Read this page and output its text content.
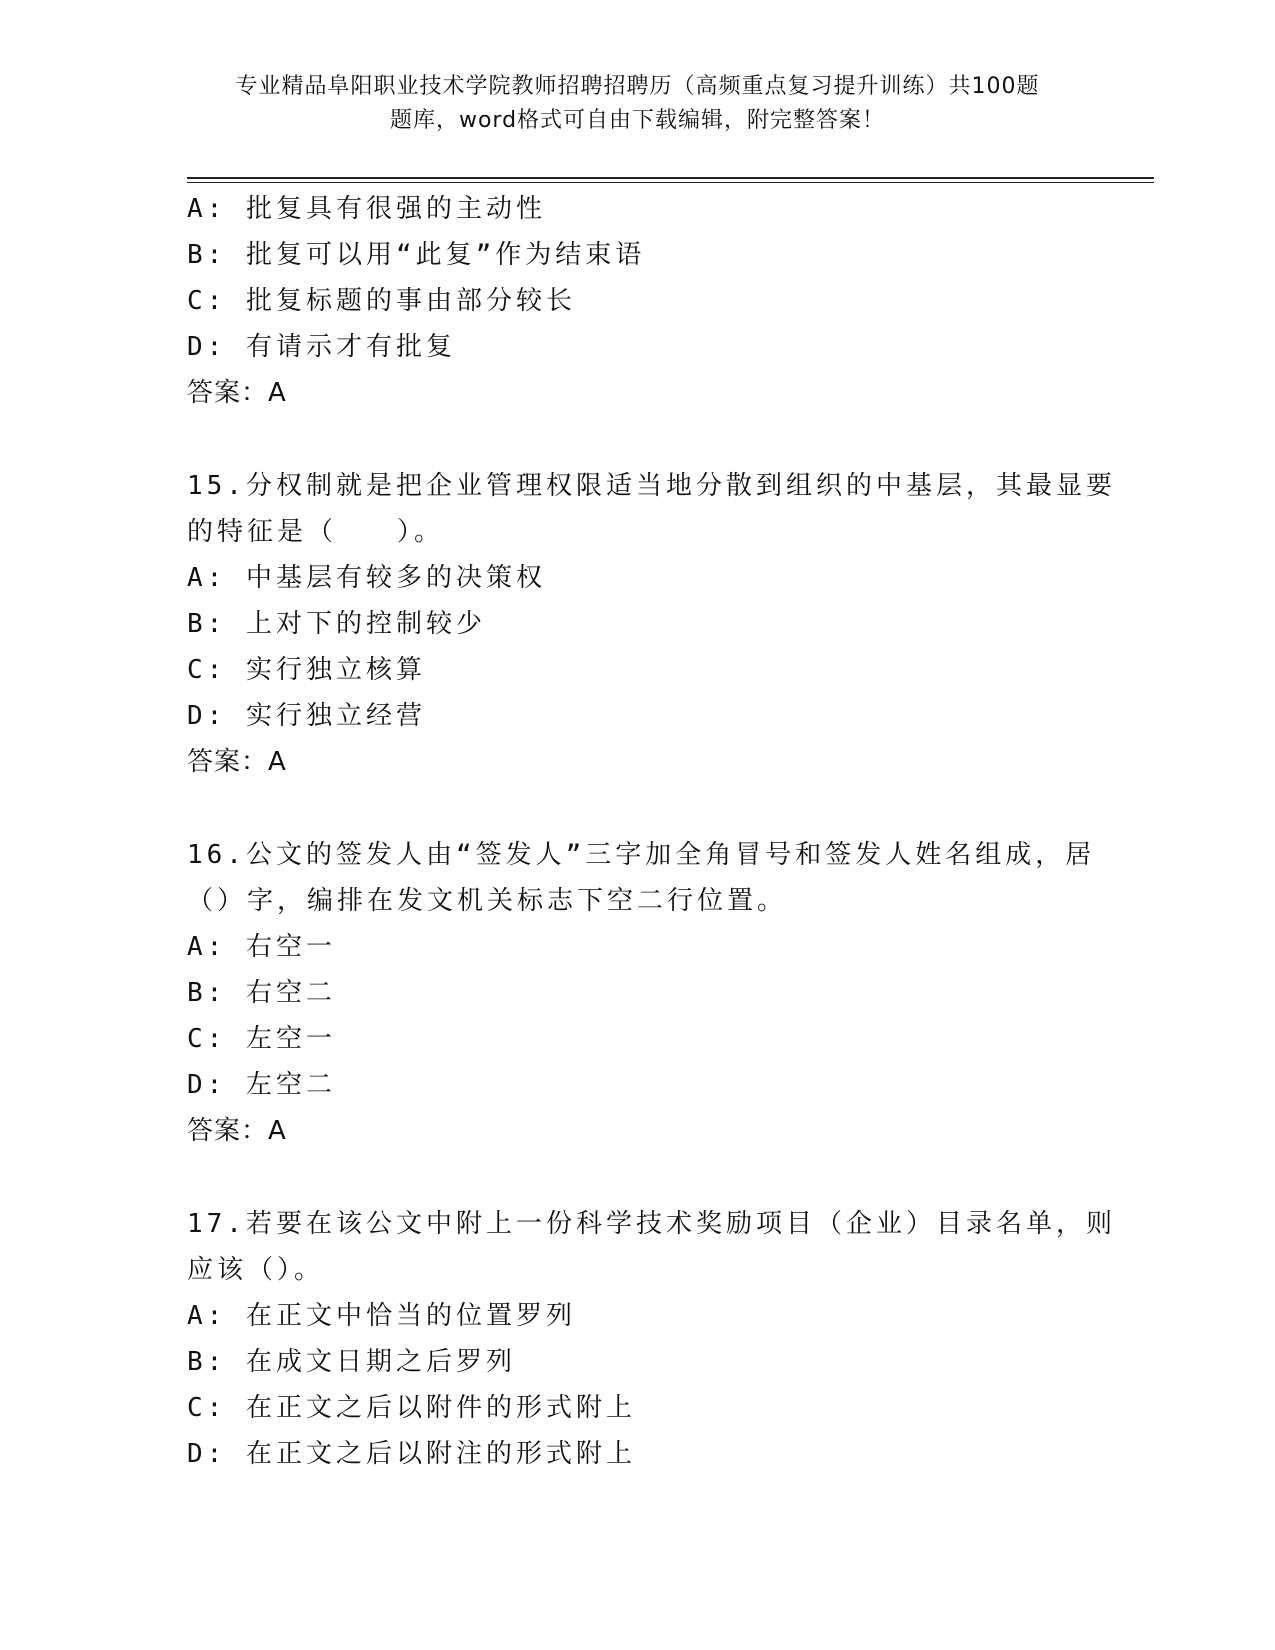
专业精品阜阳职业技术学院教师招聘招聘历（高频重点复习提升训练）共100题
题库，word格式可自由下载编辑，附完整答案！
A: 批复具有很强的主动性
B: 批复可以用“此复”作为结束语
C: 批复标题的事由部分较长
D: 有请示才有批复
答案：A
15.分权制就是把企业管理权限适当地分散到组织的中基层，其最显要
的特征是（　　）。
A: 中基层有较多的决策权
B: 上对下的控制较少
C: 实行独立核算
D: 实行独立经营
答案：A
16.公文的签发人由“签发人”三字加全角冒号和签发人姓名组成，居
（）字，编排在发文机关标志下空二行位置。
A: 右空一
B: 右空二
C: 左空一
D: 左空二
答案：A
17.若要在该公文中附上一份科学技术奖励项目（企业）目录名单，则
应该（）。
A: 在正文中恰当的位置罗列
B: 在成文日期之后罗列
C: 在正文之后以附件的形式附上
D: 在正文之后以附注的形式附上
